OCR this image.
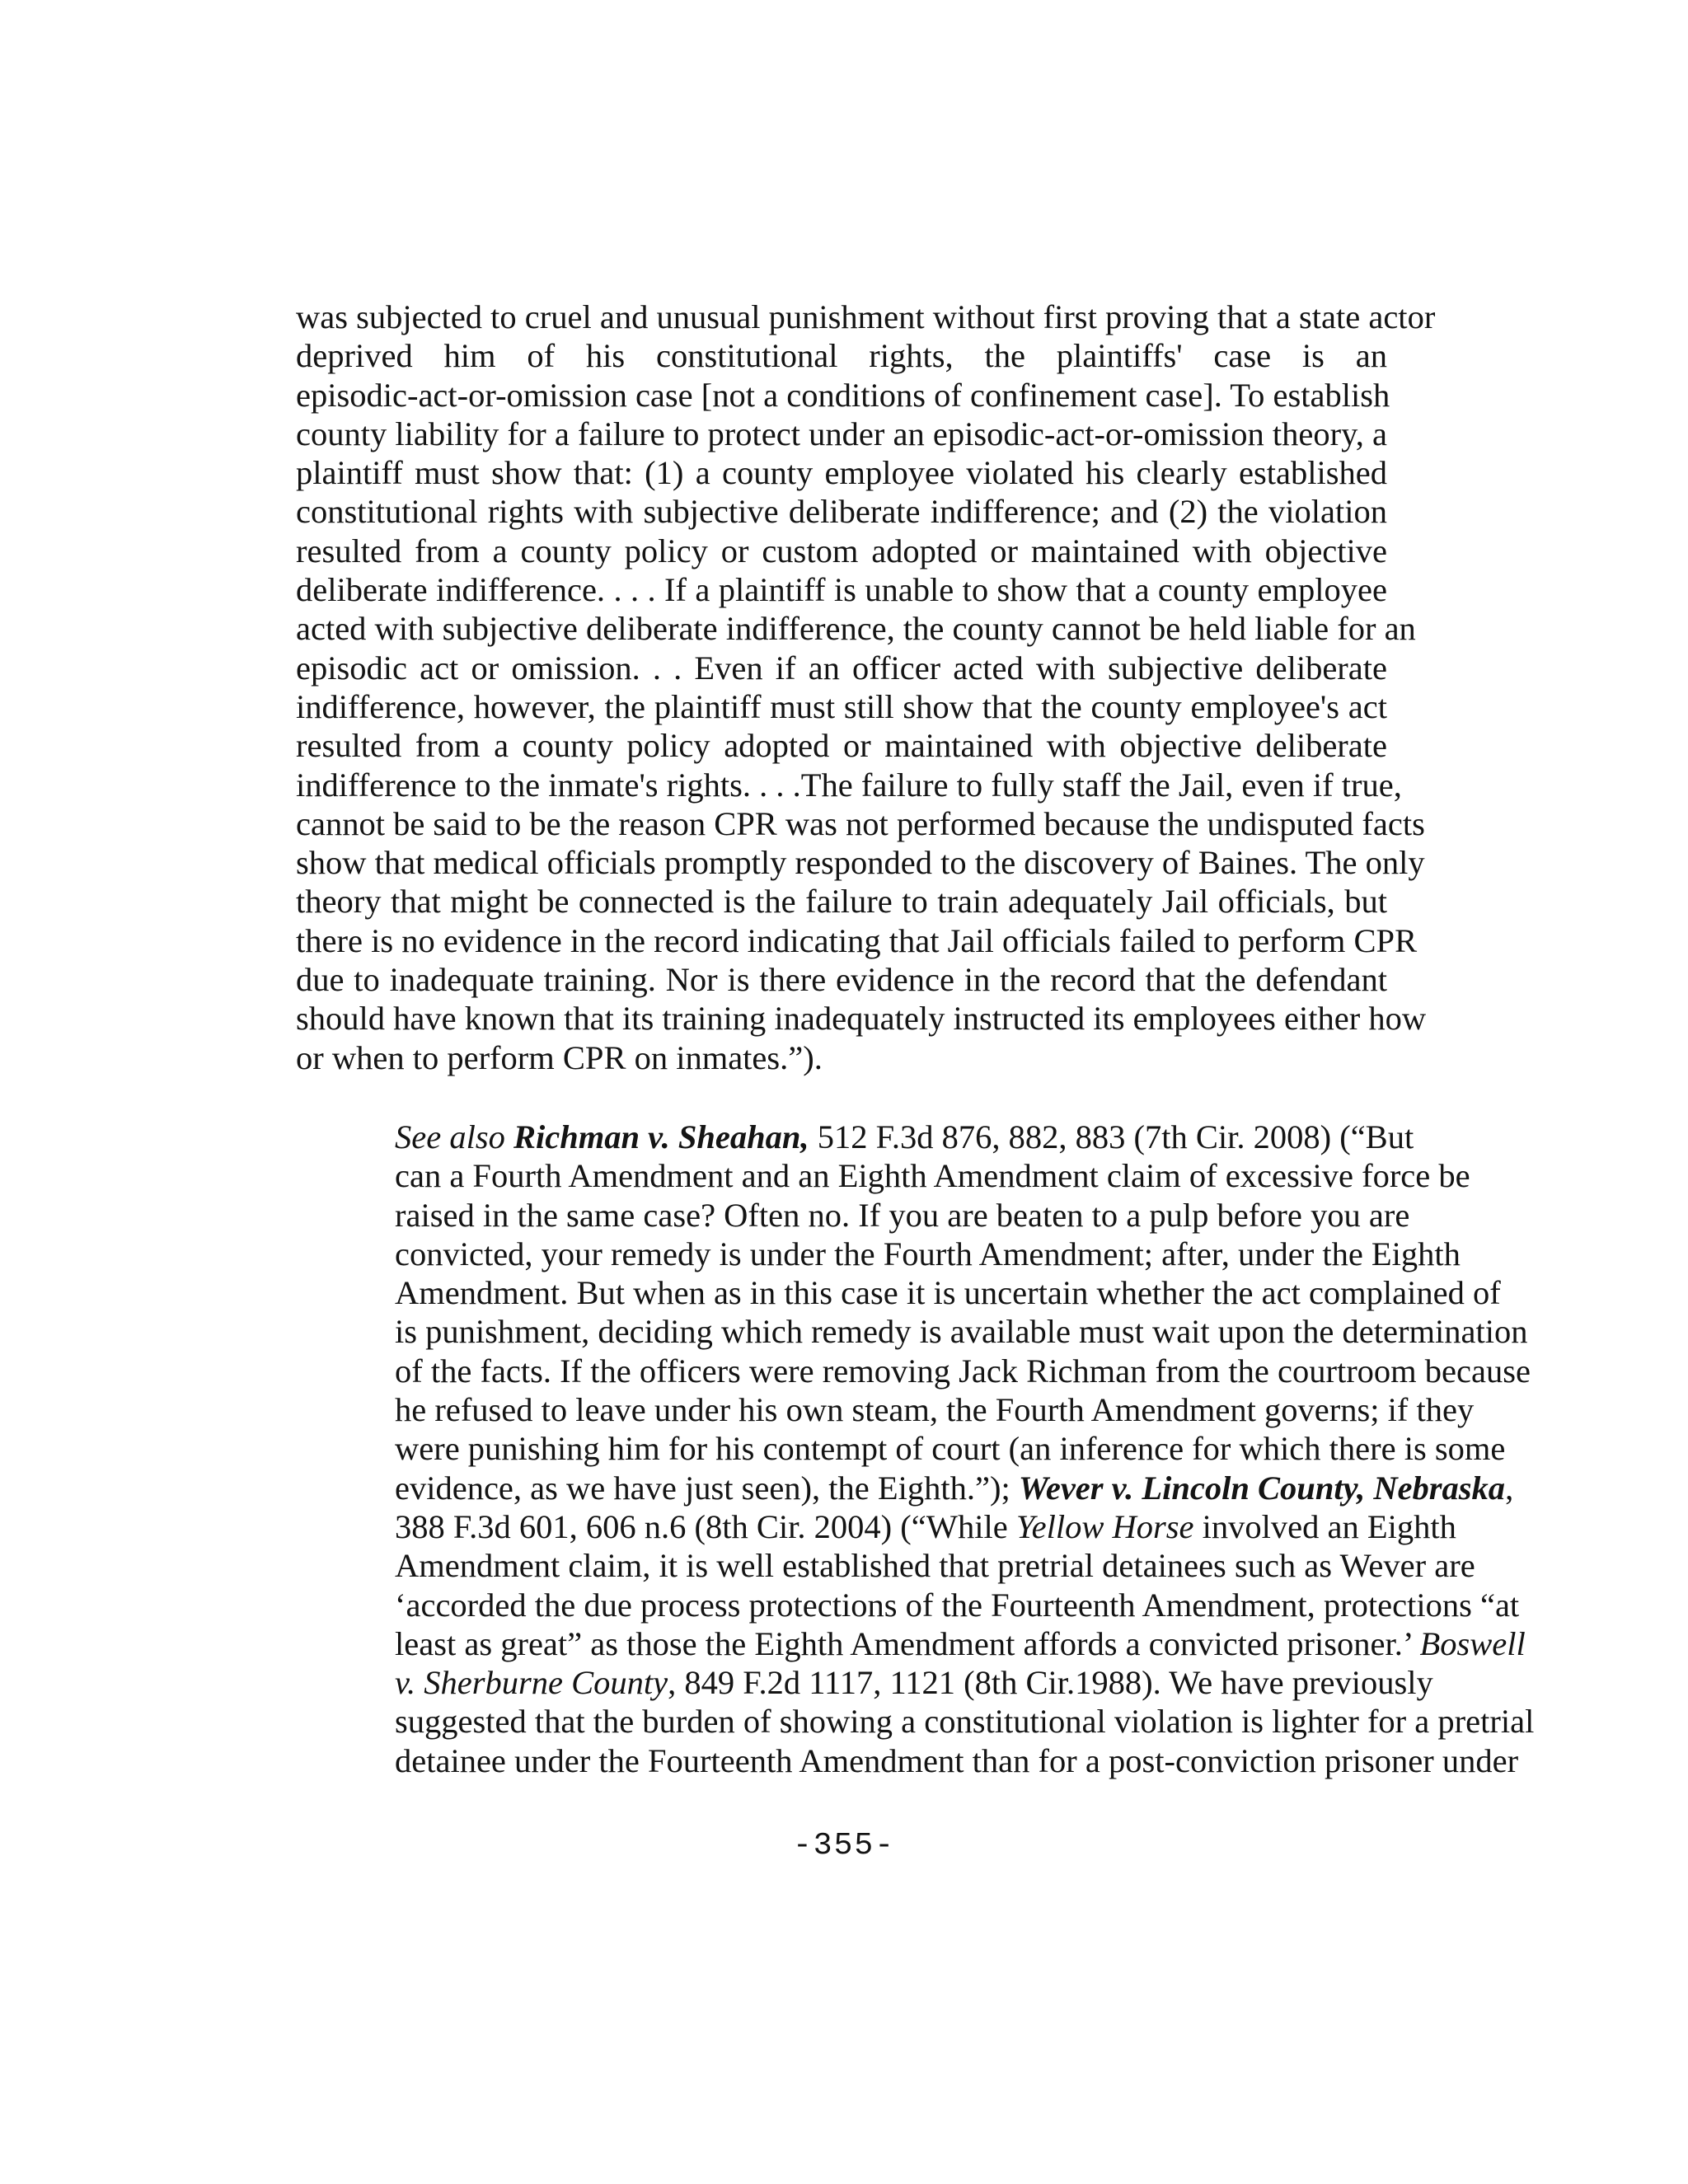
was subjected to cruel and unusual punishment without first proving that a state actor
deprived him of his constitutional rights, the plaintiffs' case is an
episodic-act-or-omission case [not a conditions of confinement case]. To establish
county liability for a failure to protect under an episodic-act-or-omission theory, a
plaintiff must show that: (1) a county employee violated his clearly established
constitutional rights with subjective deliberate indifference; and (2) the violation
resulted from a county policy or custom adopted or maintained with objective
deliberate indifference. . . . If a plaintiff is unable to show that a county employee
acted with subjective deliberate indifference, the county cannot be held liable for an
episodic act or omission. . . Even if an officer acted with subjective deliberate
indifference, however, the plaintiff must still show that the county employee's act
resulted from a county policy adopted or maintained with objective deliberate
indifference to the inmate's rights. . . .The failure to fully staff the Jail, even if true,
cannot be said to be the reason CPR was not performed because the undisputed facts
show that medical officials promptly responded to the discovery of Baines. The only
theory that might be connected is the failure to train adequately Jail officials, but
there is no evidence in the record indicating that Jail officials failed to perform CPR
due to inadequate training. Nor is there evidence in the record that the defendant
should have known that its training inadequately instructed its employees either how
or when to perform CPR on inmates.”).
See also Richman v. Sheahan, 512 F.3d 876, 882, 883 (7th Cir. 2008) (“But
can a Fourth Amendment and an Eighth Amendment claim of excessive force be
raised in the same case? Often no. If you are beaten to a pulp before you are
convicted, your remedy is under the Fourth Amendment; after, under the Eighth
Amendment. But when as in this case it is uncertain whether the act complained of
is punishment, deciding which remedy is available must wait upon the determination
of the facts. If the officers were removing Jack Richman from the courtroom because
he refused to leave under his own steam, the Fourth Amendment governs; if they
were punishing him for his contempt of court (an inference for which there is some
evidence, as we have just seen), the Eighth.”); Wever v. Lincoln County, Nebraska,
388 F.3d 601, 606 n.6 (8th Cir. 2004) (“While Yellow Horse involved an Eighth
Amendment claim, it is well established that pretrial detainees such as Wever are
‘accorded the due process protections of the Fourteenth Amendment, protections “at
least as great” as those the Eighth Amendment affords a convicted prisoner.’ Boswell
v. Sherburne County, 849 F.2d 1117, 1121 (8th Cir.1988). We have previously
suggested that the burden of showing a constitutional violation is lighter for a pretrial
detainee under the Fourteenth Amendment than for a post-conviction prisoner under
-355-
